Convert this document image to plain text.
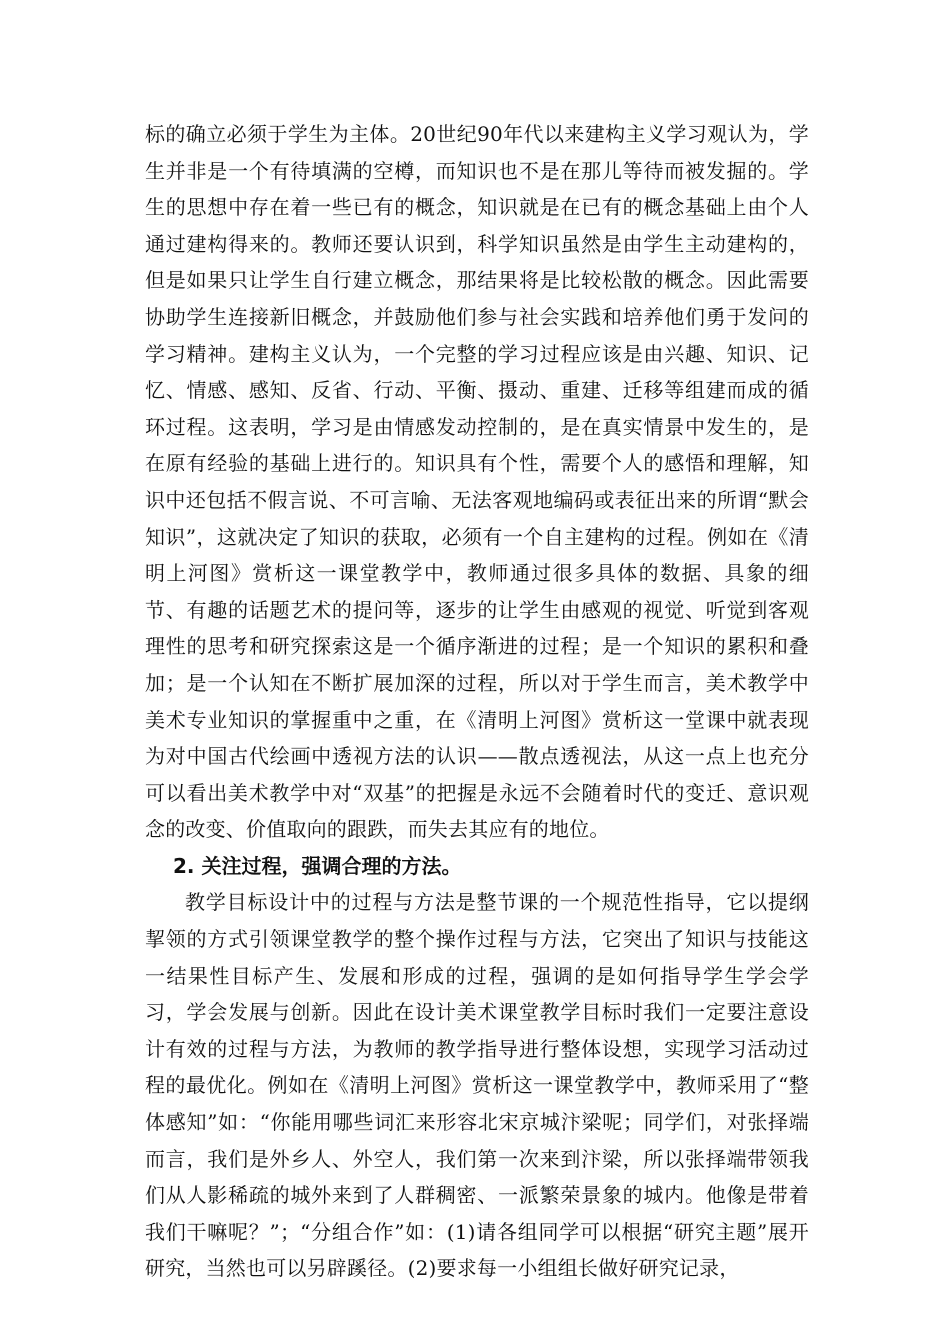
标的确立必须于学生为主体。20世纪90年代以来建构主义学习观认为，学生并非是一个有待填满的空樽，而知识也不是在那儿等待而被发掘的。学生的思想中存在着一些已有的概念，知识就是在已有的概念基础上由个人通过建构得来的。教师还要认识到，科学知识虽然是由学生主动建构的，但是如果只让学生自行建立概念，那结果将是比较松散的概念。因此需要协助学生连接新旧概念，并鼓励他们参与社会实践和培养他们勇于发问的学习精神。建构主义认为，一个完整的学习过程应该是由兴趣、知识、记忆、情感、感知、反省、行动、平衡、摄动、重建、迁移等组建而成的循环过程。这表明，学习是由情感发动控制的，是在真实情景中发生的，是在原有经验的基础上进行的。知识具有个性，需要个人的感悟和理解，知识中还包括不假言说、不可言喻、无法客观地编码或表征出来的所谓“默会知识”，这就决定了知识的获取，必须有一个自主建构的过程。例如在《清明上河图》赏析这一课堂教学中，教师通过很多具体的数据、具象的细节、有趣的话题艺术的提问等，逐步的让学生由感观的视觉、听觉到客观理性的思考和研究探索这是一个循序渐进的过程；是一个知识的累积和叠加；是一个认知在不断扩展加深的过程，所以对于学生而言，美术教学中美术专业知识的掌握重中之重，在《清明上河图》赏析这一堂课中就表现为对中国古代绘画中透视方法的认识——散点透视法，从这一点上也充分可以看出美术教学中对“双基”的把握是永远不会随着时代的变迁、意识观念的改变、价值取向的跟跌，而失去其应有的地位。

2. 关注过程，强调合理的方法。

教学目标设计中的过程与方法是整节课的一个规范性指导，它以提纲挈领的方式引领课堂教学的整个操作过程与方法，它突出了知识与技能这一结果性目标产生、发展和形成的过程，强调的是如何指导学生学会学习，学会发展与创新。因此在设计美术课堂教学目标时我们一定要注意设计有效的过程与方法，为教师的教学指导进行整体设想，实现学习活动过程的最优化。例如在《清明上河图》赏析这一课堂教学中，教师采用了“整体感知”如：“你能用哪些词汇来形容北宋京城汴梁呢；同学们，对张择端而言，我们是外乡人、外空人，我们第一次来到汴梁，所以张择端带领我们从人影稀疏的城外来到了人群稠密、一派繁荣景象的城内。他像是带着我们干嘛呢？”；“分组合作”如：(1)请各组同学可以根据“研究主题”展开研究，当然也可以另辟蹊径。(2)要求每一小组组长做好研究记录，
